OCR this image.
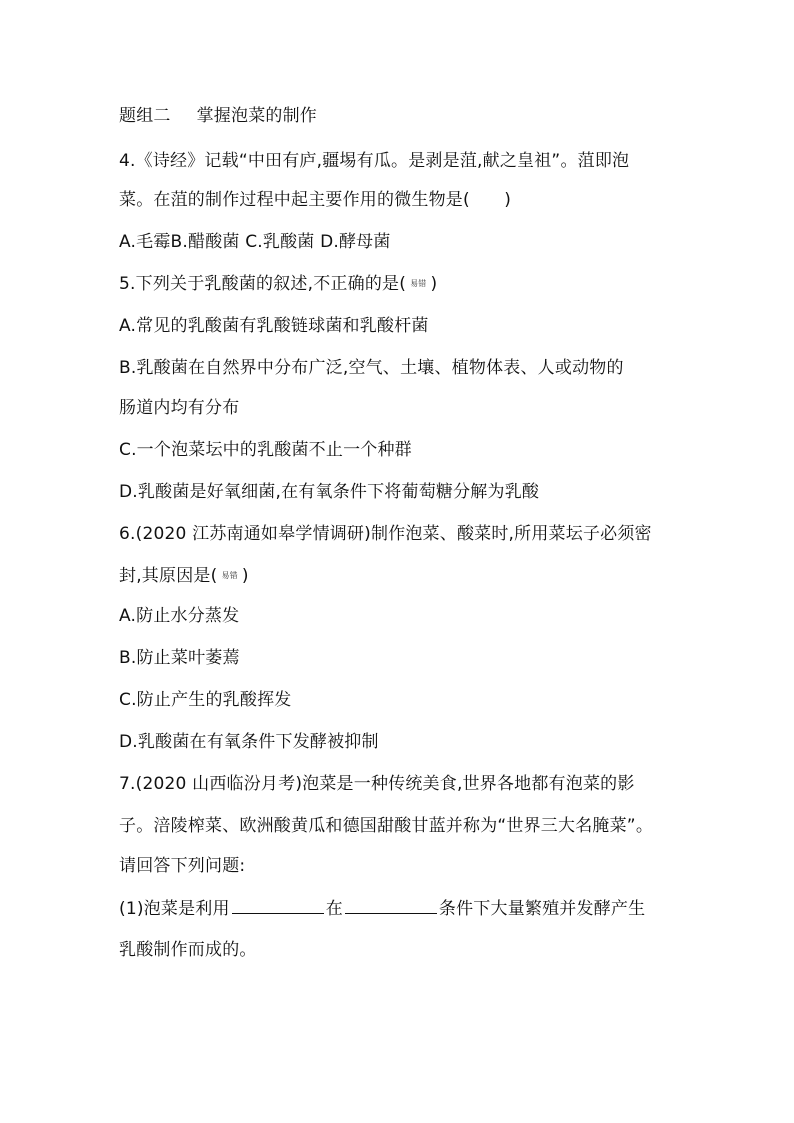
题组二 掌握泡菜的制作
4.《诗经》记载“中田有庐,疆埸有瓜。是剥是菹,献之皇祖”。菹即泡
菜。在菹的制作过程中起主要作用的微生物是(　　)
A.毛霉B.醋酸菌 C.乳酸菌 D.酵母菌
5.下列关于乳酸菌的叙述,不正确的是( 易错 )
A.常见的乳酸菌有乳酸链球菌和乳酸杆菌
B.乳酸菌在自然界中分布广泛,空气、土壤、植物体表、人或动物的
肠道内均有分布
C.一个泡菜坛中的乳酸菌不止一个种群
D.乳酸菌是好氧细菌,在有氧条件下将葡萄糖分解为乳酸
6.(2020 江苏南通如皋学情调研)制作泡菜、酸菜时,所用菜坛子必须密
封,其原因是( 易错 )
A.防止水分蒸发
B.防止菜叶萎蔫
C.防止产生的乳酸挥发
D.乳酸菌在有氧条件下发酵被抑制
7.(2020 山西临汾月考)泡菜是一种传统美食,世界各地都有泡菜的影
子。涪陵榨菜、欧洲酸黄瓜和德国甜酸甘蓝并称为“世界三大名腌菜”。
请回答下列问题:
(1)泡菜是利用	在	条件下大量繁殖并发酵产生
乳酸制作而成的。
